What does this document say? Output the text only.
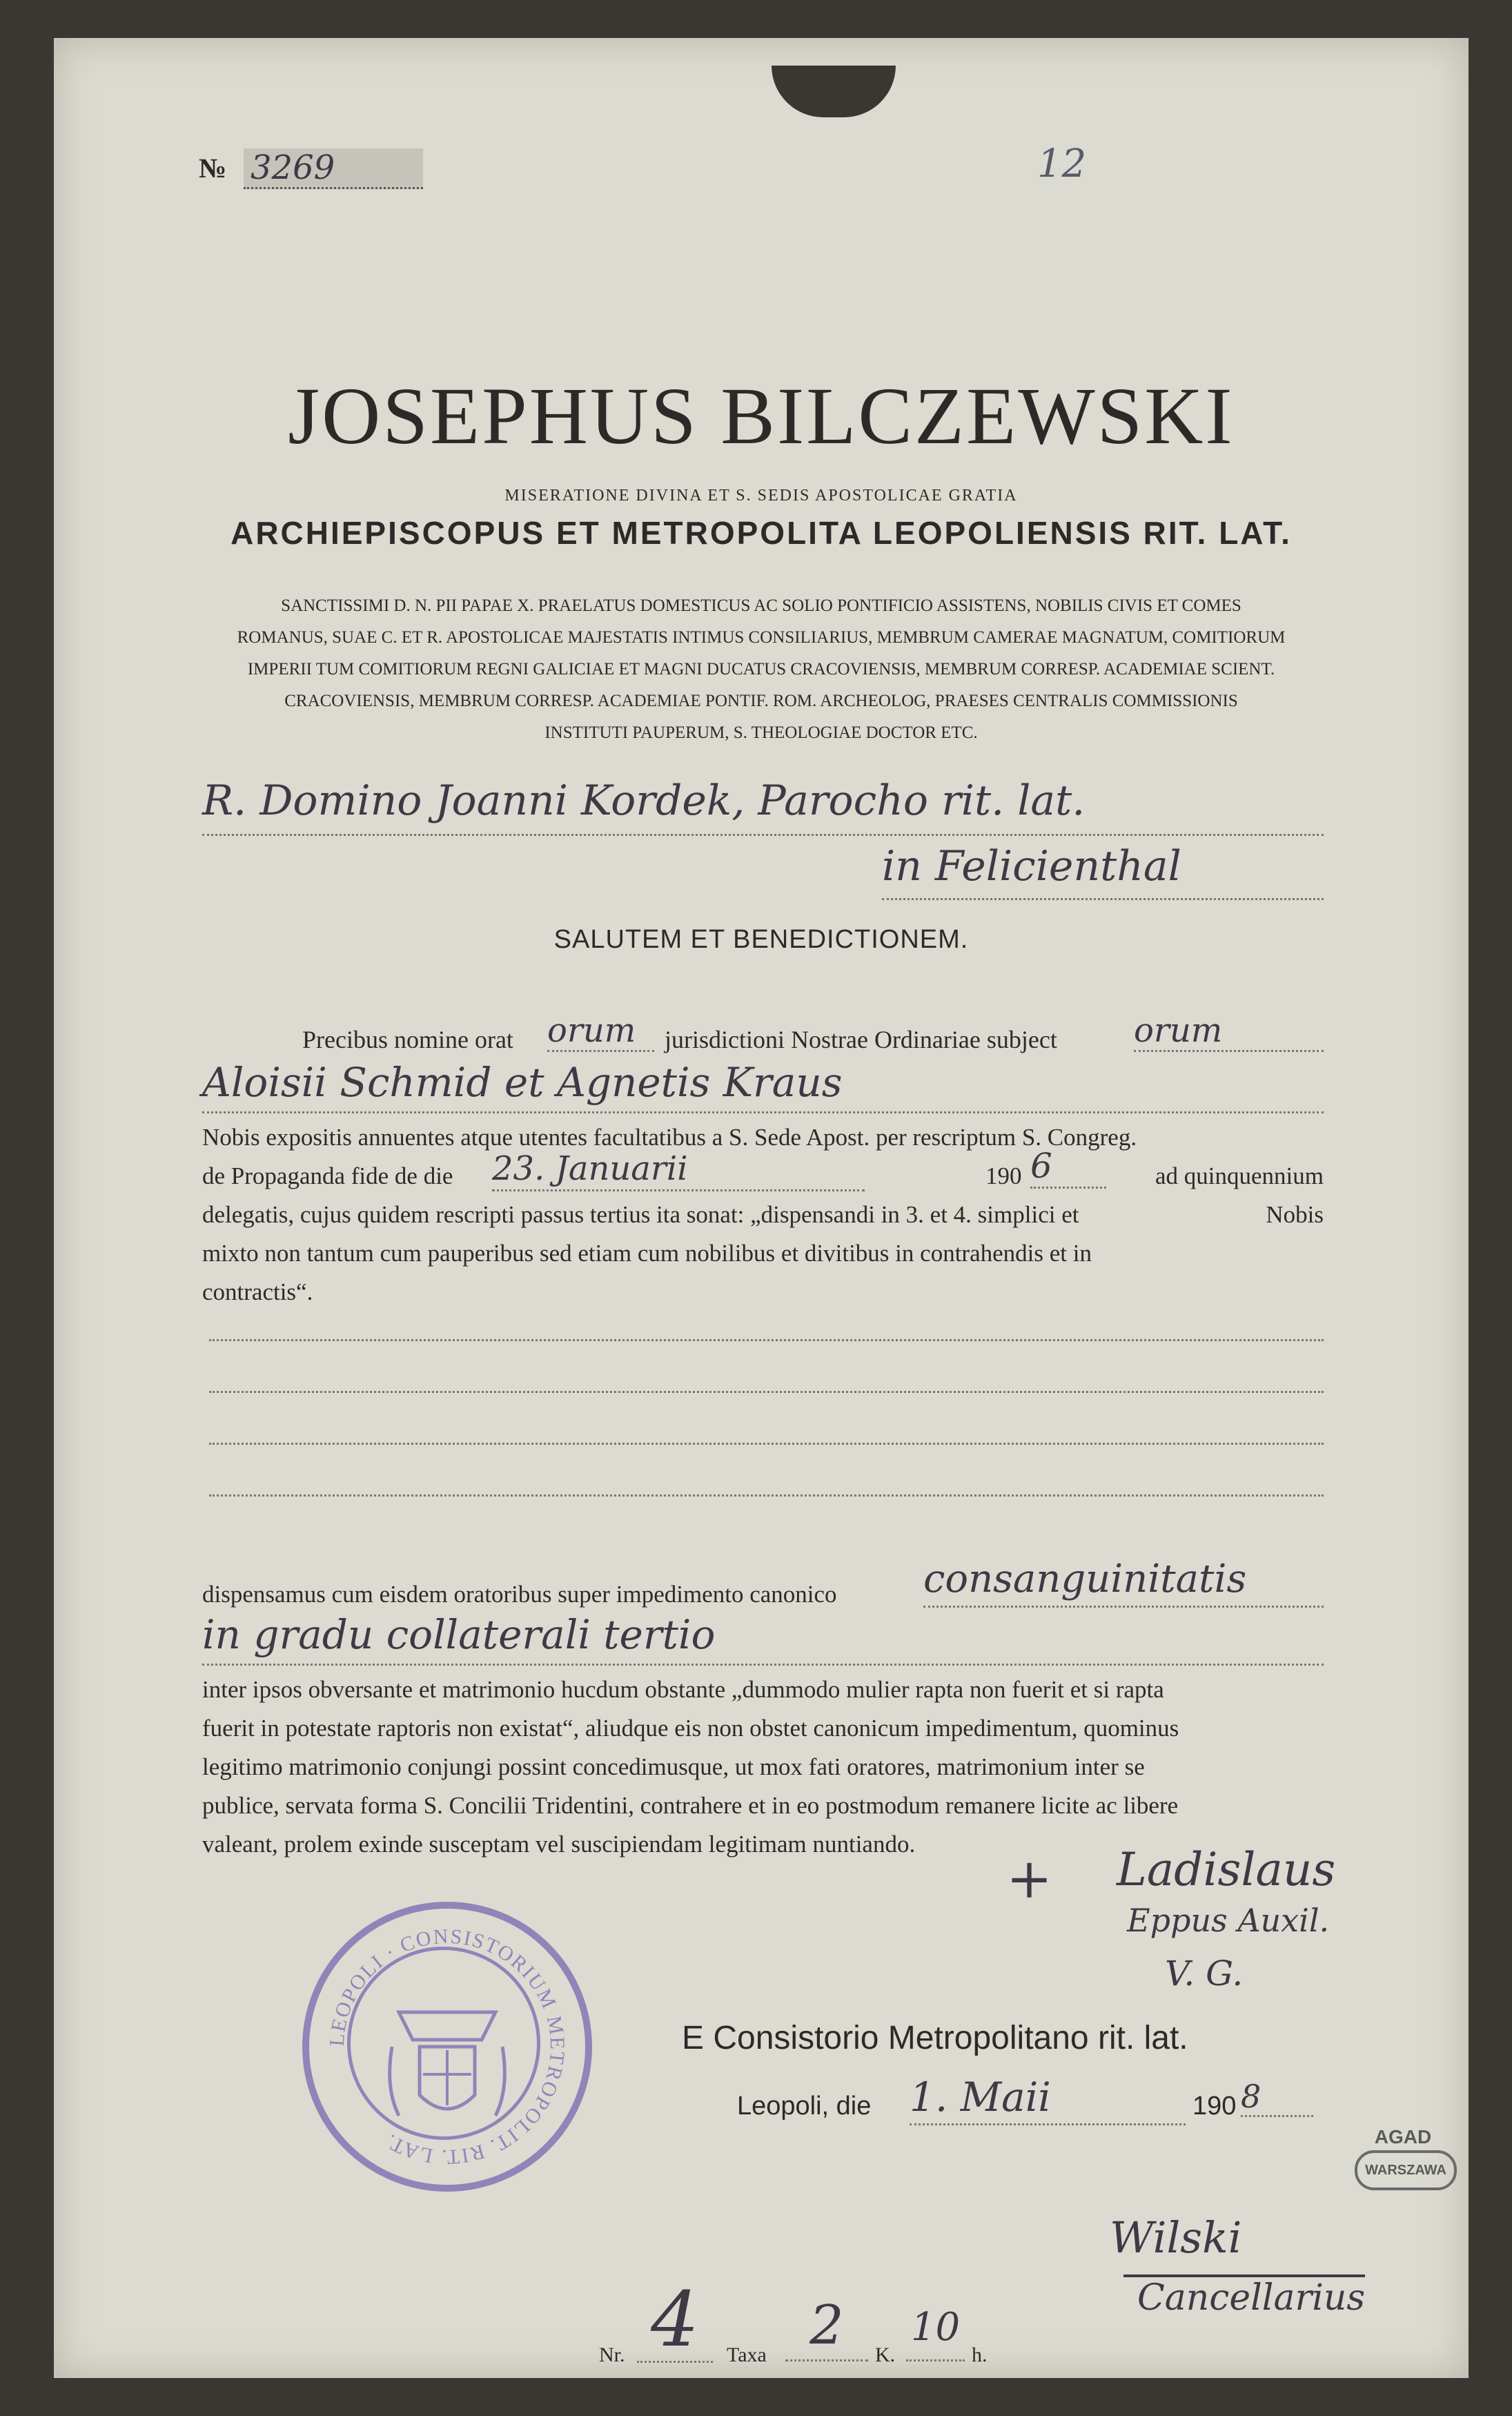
№ 3269	12
JOSEPHUS BILCZEWSKI
MISERATIONE DIVINA ET S. SEDIS APOSTOLICAE GRATIA
ARCHIEPISCOPUS ET METROPOLITA LEOPOLIENSIS RIT. LAT.
SANCTISSIMI D. N. PII PAPAE X. PRAELATUS DOMESTICUS AC SOLIO PONTIFICIO ASSISTENS, NOBILIS CIVIS ET COMES
ROMANUS, SUAE C. ET R. APOSTOLICAE MAJESTATIS INTIMUS CONSILIARIUS, MEMBRUM CAMERAE MAGNATUM, COMITIORUM
IMPERII TUM COMITIORUM REGNI GALICIAE ET MAGNI DUCATUS CRACOVIENSIS, MEMBRUM CORRESP. ACADEMIAE SCIENT.
CRACOVIENSIS, MEMBRUM CORRESP. ACADEMIAE PONTIF. ROM. ARCHEOLOG, PRAESES CENTRALIS COMMISSIONIS
INSTITUTI PAUPERUM, S. THEOLOGIAE DOCTOR ETC.
R. Domino Joanni Kordek, Parocho rit. lat.
in Felicienthal
SALUTEM ET BENEDICTIONEM.
Precibus nomine orat orum	jurisdictioni Nostrae Ordinariae subject orum
Aloisii Schmid et Agnetis Kraus
Nobis expositis annuentes atque utentes facultatibus a S. Sede Apost. per rescriptum S. Congreg.
de Propaganda fide de die 23. Januarii	190 6	ad quinquennium Nobis
delegatis, cujus quidem rescripti passus tertius ita sonat: „dispensandi in 3. et 4. simplici et
mixto non tantum cum pauperibus sed etiam cum nobilibus et divitibus in contrahendis et in
contractis“.
dispensamus cum eisdem oratoribus super impedimento canonico consanguinitatis
in gradu collaterali tertio
inter ipsos obversante et matrimonio hucdum obstante „dummodo mulier rapta non fuerit et si rapta
fuerit in potestate raptoris non existat“, aliudque eis non obstet canonicum impedimentum, quominus
legitimo matrimonio conjungi possint concedimusque, ut mox fati oratores, matrimonium inter se
publice, servata forma S. Concilii Tridentini, contrahere et in eo postmodum remanere licite ac libere
valeant, prolem exinde susceptam vel suscipiendam legitimam nuntiando.
+ Ladislaus
Eppus Auxil.
V. G.
LEOPOLI · CONSISTORIUM METROPOLIT. RIT. LAT.
E Consistorio Metropolitano rit. lat.
Leopoli, die 1. Maii	190 8
AGAD
WARSZAWA
Wilski
Cancellarius
Nr. 4	Taxa 2	K.
10
h.
